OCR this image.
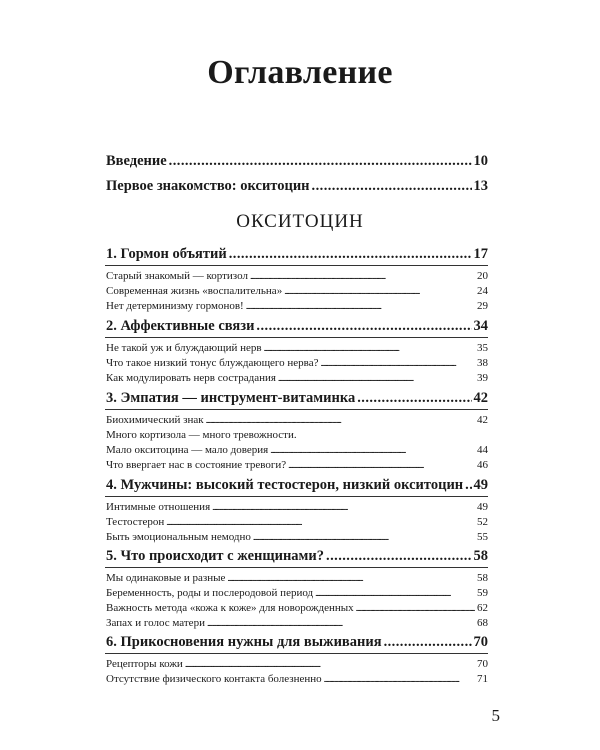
Оглавление
Введение . . .	10
Первое знакомство: окситоцин . . .	13
ОКСИТОЦИН
1. Гормон объятий . . .	17
Старый знакомый — кортизол . . .	20
Современная жизнь «воспалительна» . . .	24
Нет детерминизму гормонов! . . .	29
2. Аффективные связи . . .	34
Не такой уж и блуждающий нерв . . .	35
Что такое низкий тонус блуждающего нерва? . . .	38
Как модулировать нерв сострадания . . .	39
3. Эмпатия — инструмент-витаминка . . .	42
Биохимический знак . . .	42
Много кортизола — много тревожности.
Мало окситоцина — мало доверия . . .	44
Что ввергает нас в состояние тревоги? . . .	46
4. Мужчины: высокий тестостерон, низкий окситоцин . . . 49
Интимные отношения . . .	49
Тестостерон . . .	52
Быть эмоциональным немодно . . .	55
5. Что происходит с женщинами? . . .	58
Мы одинаковые и разные . . .	58
Беременность, роды и послеродовой период . . .	59
Важность метода «кожа к коже» для новорожденных . . .	62
Запах и голос матери . . .	68
6. Прикосновения нужны для выживания . . .	70
Рецепторы кожи . . .	70
Отсутствие физического контакта болезненно . . .	71
5
